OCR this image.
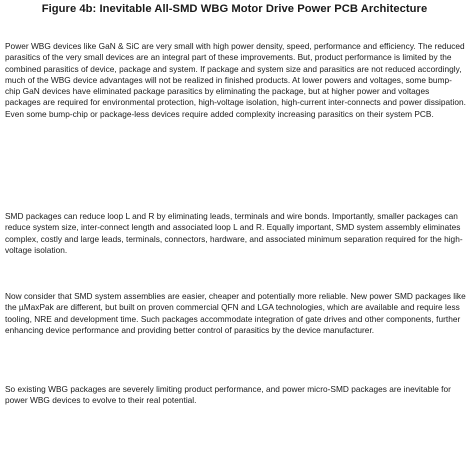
Figure 4b: Inevitable All-SMD WBG Motor Drive Power PCB Architecture

Power WBG devices like GaN & SiC are very small with high power density, speed, performance and efficiency. The reduced parasitics of the very small devices are an integral part of these improvements. But, product performance is limited by the combined parasitics of device, package and system. If package and system size and parasitics are not reduced accordingly, much of the WBG device advantages will not be realized in finished products. At lower powers and voltages, some bump-chip GaN devices have eliminated package parasitics by eliminating the package, but at higher power and voltages packages are required for environmental protection, high-voltage isolation, high-current inter-connects and power dissipation. Even some bump-chip or package-less devices require added complexity increasing parasitics on their system PCB.

SMD packages can reduce loop L and R by eliminating leads, terminals and wire bonds. Importantly, smaller packages can reduce system size, inter-connect length and associated loop L and R. Equally important, SMD system assembly eliminates complex, costly and large leads, terminals, connectors, hardware, and associated minimum separation required for the high-voltage isolation.

Now consider that SMD system assemblies are easier, cheaper and potentially more reliable. New power SMD packages like the µMaxPak are different, but built on proven commercial QFN and LGA technologies, which are available and require less tooling, NRE and development time. Such packages accommodate integration of gate drives and other components, further enhancing device performance and providing better control of parasitics by the device manufacturer.

So existing WBG packages are severely limiting product performance, and power micro-SMD packages are inevitable for power WBG devices to evolve to their real potential.
